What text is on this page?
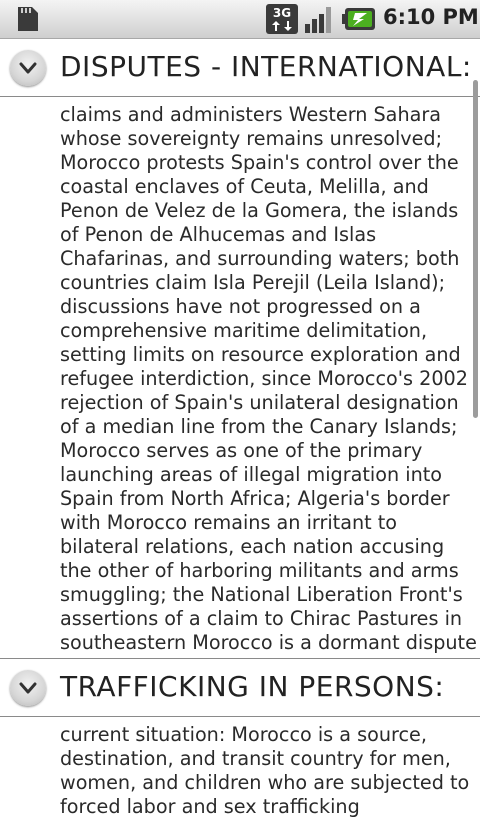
3G	6:10 PM
DISPUTES - INTERNATIONAL:

claims and administers Western Sahara whose sovereignty remains unresolved; Morocco protests Spain's control over the coastal enclaves of Ceuta, Melilla, and Penon de Velez de la Gomera, the islands of Penon de Alhucemas and Islas Chafarinas, and surrounding waters; both countries claim Isla Perejil (Leila Island); discussions have not progressed on a comprehensive maritime delimitation, setting limits on resource exploration and refugee interdiction, since Morocco's 2002 rejection of Spain's unilateral designation of a median line from the Canary Islands; Morocco serves as one of the primary launching areas of illegal migration into Spain from North Africa; Algeria's border with Morocco remains an irritant to bilateral relations, each nation accusing the other of harboring militants and arms smuggling; the National Liberation Front's assertions of a claim to Chirac Pastures in southeastern Morocco is a dormant dispute

TRAFFICKING IN PERSONS:

current situation: Morocco is a source, destination, and transit country for men, women, and children who are subjected to forced labor and sex trafficking
